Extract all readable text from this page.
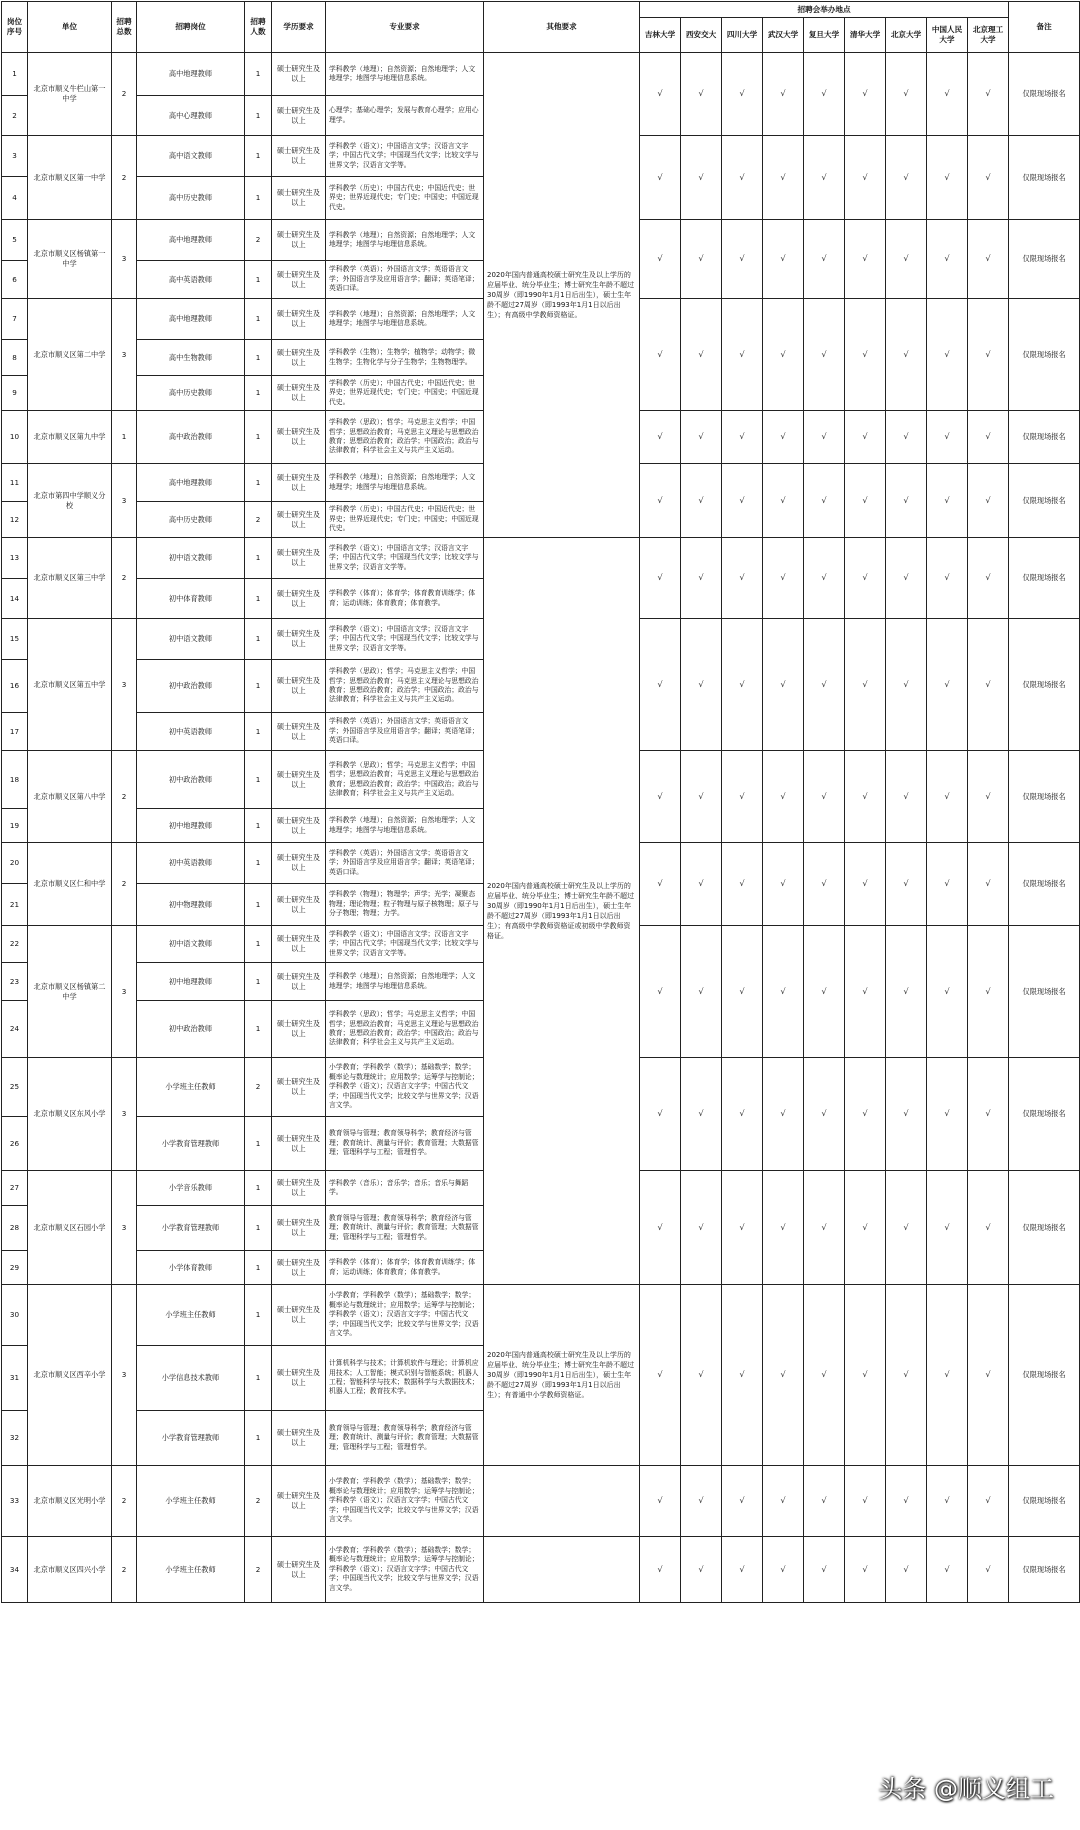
岗位序号	单位	招聘总数	招聘岗位	招聘人数	学历要求	专业要求	其他要求	招聘会举办地点									备注
								吉林大学	西安交大	四川大学	武汉大学	复旦大学	清华大学	北京大学	中国人民大学	北京理工大学	
1	北京市顺义牛栏山第一中学	2	高中地理教师	1	硕士研究生及以上	学科教学（地理）；自然资源；自然地理学；人文地理学；地图学与地理信息系统。	2020年国内普通高校硕士研究生及以上学历的应届毕业、统分毕业生；博士研究生年龄不超过30周岁（即1990年1月1日后出生），硕士生年龄不超过27周岁（即1993年1月1日以后出生）；有高级中学教师资格证。	√	√	√	√	√	√	√	√	√	仅限现场报名
2			高中心理教师	1	硕士研究生及以上	心理学；基础心理学；发展与教育心理学；应用心理学。											
3	北京市顺义区第一中学	2	高中语文教师	1	硕士研究生及以上	学科教学（语文）；中国语言文学；汉语言文字学；中国古代文学；中国现当代文学；比较文学与世界文学；汉语言文学等。		√	√	√	√	√	√	√	√	√	仅限现场报名
4			高中历史教师	1	硕士研究生及以上	学科教学（历史）；中国古代史；中国近代史；世界史；世界近现代史；专门史；中国史；中国近现代史。											
5	北京市顺义区杨镇第一中学	3	高中地理教师	2	硕士研究生及以上	学科教学（地理）；自然资源；自然地理学；人文地理学；地图学与地理信息系统。		√	√	√	√	√	√	√	√	√	仅限现场报名
6			高中英语教师	1	硕士研究生及以上	学科教学（英语）；外国语言文学；英语语言文学；外国语言学及应用语言学；翻译；英语笔译；英语口译。											
7	北京市顺义区第二中学	3	高中地理教师	1	硕士研究生及以上	学科教学（地理）；自然资源；自然地理学；人文地理学；地图学与地理信息系统。		√	√	√	√	√	√	√	√	√	仅限现场报名
8			高中生物教师	1	硕士研究生及以上	学科教学（生物）；生物学；植物学；动物学；微生物学；生物化学与分子生物学；生物物理学。											
9			高中历史教师	1	硕士研究生及以上	学科教学（历史）；中国古代史；中国近代史；世界史；世界近现代史；专门史；中国史；中国近现代史。											
10	北京市顺义区第九中学	1	高中政治教师	1	硕士研究生及以上	学科教学（思政）；哲学；马克思主义哲学；中国哲学；思想政治教育；马克思主义理论与思想政治教育；思想政治教育；政治学；中国政治；政治与法律教育；科学社会主义与共产主义运动。		√	√	√	√	√	√	√	√	√	仅限现场报名
11	北京市第四中学顺义分校	3	高中地理教师	1	硕士研究生及以上	学科教学（地理）；自然资源；自然地理学；人文地理学；地图学与地理信息系统。		√	√	√	√	√	√	√	√	√	仅限现场报名
12			高中历史教师	2	硕士研究生及以上	学科教学（历史）；中国古代史；中国近代史；世界史；世界近现代史；专门史；中国史；中国近现代史。											
13	北京市顺义区第三中学	2	初中语文教师	1	硕士研究生及以上	学科教学（语文）；中国语言文学；汉语言文字学；中国古代文学；中国现当代文学；比较文学与世界文学；汉语言文学等。	2020年国内普通高校硕士研究生及以上学历的应届毕业、统分毕业生；博士研究生年龄不超过30周岁（即1990年1月1日后出生），硕士生年龄不超过27周岁（即1993年1月1日以后出生）；有高级中学教师资格证或初级中学教师资格证。	√	√	√	√	√	√	√	√	√	仅限现场报名
14			初中体育教师	1	硕士研究生及以上	学科教学（体育）；体育学；体育教育训练学；体育；运动训练；体育教育；体育教学。											
15	北京市顺义区第五中学	3	初中语文教师	1	硕士研究生及以上	学科教学（语文）；中国语言文学；汉语言文字学；中国古代文学；中国现当代文学；比较文学与世界文学；汉语言文学等。		√	√	√	√	√	√	√	√	√	仅限现场报名
16			初中政治教师	1	硕士研究生及以上	学科教学（思政）；哲学；马克思主义哲学；中国哲学；思想政治教育；马克思主义理论与思想政治教育；思想政治教育；政治学；中国政治；政治与法律教育；科学社会主义与共产主义运动。											
17			初中英语教师	1	硕士研究生及以上	学科教学（英语）；外国语言文学；英语语言文学；外国语言学及应用语言学；翻译；英语笔译；英语口译。											
18	北京市顺义区第八中学	2	初中政治教师	1	硕士研究生及以上	学科教学（思政）；哲学；马克思主义哲学；中国哲学；思想政治教育；马克思主义理论与思想政治教育；思想政治教育；政治学；中国政治；政治与法律教育；科学社会主义与共产主义运动。		√	√	√	√	√	√	√	√	√	仅限现场报名
19			初中地理教师	1	硕士研究生及以上	学科教学（地理）；自然资源；自然地理学；人文地理学；地图学与地理信息系统。											
20	北京市顺义区仁和中学	2	初中英语教师	1	硕士研究生及以上	学科教学（英语）；外国语言文学；英语语言文学；外国语言学及应用语言学；翻译；英语笔译；英语口译。		√	√	√	√	√	√	√	√	√	仅限现场报名
21			初中物理教师	1	硕士研究生及以上	学科教学（物理）；物理学；声学；光学；凝聚态物理；理论物理；粒子物理与原子核物理；原子与分子物理；物理；力学。											
22	北京市顺义区杨镇第二中学	3	初中语文教师	1	硕士研究生及以上	学科教学（语文）；中国语言文学；汉语言文字学；中国古代文学；中国现当代文学；比较文学与世界文学；汉语言文学等。		√	√	√	√	√	√	√	√	√	仅限现场报名
23			初中地理教师	1	硕士研究生及以上	学科教学（地理）；自然资源；自然地理学；人文地理学；地图学与地理信息系统。											
24			初中政治教师	1	硕士研究生及以上	学科教学（思政）；哲学；马克思主义哲学；中国哲学；思想政治教育；马克思主义理论与思想政治教育；思想政治教育；政治学；中国政治；政治与法律教育；科学社会主义与共产主义运动。											
25	北京市顺义区东风小学	3	小学班主任教师	2	硕士研究生及以上	小学教育；学科教学（数学）；基础数学；数学；概率论与数理统计；应用数学；运筹学与控制论；学科教学（语文）；汉语言文字学；中国古代文学；中国现当代文学；比较文学与世界文学；汉语言文学。		√	√	√	√	√	√	√	√	√	仅限现场报名
26			小学教育管理教师	1	硕士研究生及以上	教育领导与管理；教育领导科学；教育经济与管理；教育统计、测量与评价；教育管理；大数据管理；管理科学与工程；管理哲学。											
27	北京市顺义区石园小学	3	小学音乐教师	1	硕士研究生及以上	学科教学（音乐）；音乐学；音乐；音乐与舞蹈学。		√	√	√	√	√	√	√	√	√	仅限现场报名
28			小学教育管理教师	1	硕士研究生及以上	教育领导与管理；教育领导科学；教育经济与管理；教育统计、测量与评价；教育管理；大数据管理；管理科学与工程；管理哲学。											
29			小学体育教师	1	硕士研究生及以上	学科教学（体育）；体育学；体育教育训练学；体育；运动训练；体育教育；体育教学。											
30	北京市顺义区西辛小学	3	小学班主任教师	1	硕士研究生及以上	小学教育；学科教学（数学）；基础数学；数学；概率论与数理统计；应用数学；运筹学与控制论；学科教学（语文）；汉语言文字学；中国古代文学；中国现当代文学；比较文学与世界文学；汉语言文学。	2020年国内普通高校硕士研究生及以上学历的应届毕业、统分毕业生；博士研究生年龄不超过30周岁（即1990年1月1日后出生），硕士生年龄不超过27周岁（即1993年1月1日以后出生）；有普通中小学教师资格证。	√	√	√	√	√	√	√	√	√	仅限现场报名
31			小学信息技术教师	1	硕士研究生及以上	计算机科学与技术；计算机软件与理论；计算机应用技术；人工智能；模式识别与智能系统；机器人工程；智能科学与技术；数据科学与大数据技术；机器人工程；教育技术学。											
32			小学教育管理教师	1	硕士研究生及以上	教育领导与管理；教育领导科学；教育经济与管理；教育统计、测量与评价；教育管理；大数据管理；管理科学与工程；管理哲学。											
33	北京市顺义区光明小学	2	小学班主任教师	2	硕士研究生及以上	小学教育；学科教学（数学）；基础数学；数学；概率论与数理统计；应用数学；运筹学与控制论；学科教学（语文）；汉语言文字学；中国古代文学；中国现当代文学；比较文学与世界文学；汉语言文学。		√	√	√	√	√	√	√	√	√	仅限现场报名
34	北京市顺义区四兴小学	2	小学班主任教师	2	硕士研究生及以上	小学教育；学科教学（数学）；基础数学；数学；概率论与数理统计；应用数学；运筹学与控制论；学科教学（语文）；汉语言文字学；中国古代文学；中国现当代文学；比较文学与世界文学；汉语言文学。		√	√	√	√	√	√	√	√	√	仅限现场报名
头条 @顺义组工
